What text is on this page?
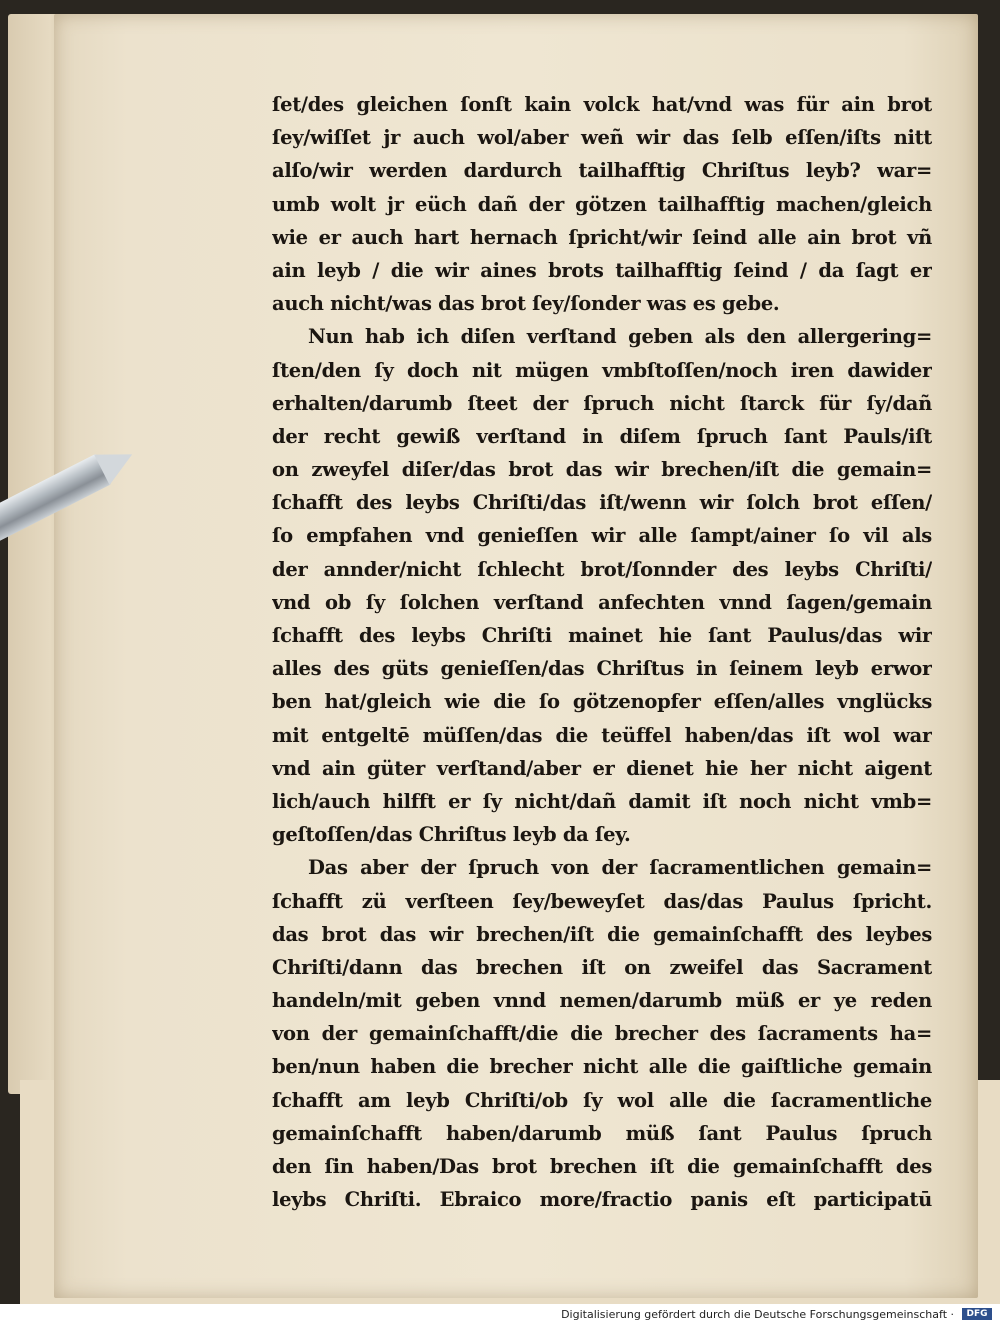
ſet/des gleichen ſonſt kain volck hat/vnd was für ain brot
ſey/wiſſet jr auch wol/aber weñ wir das ſelb eſſen/iſts nitt
alſo/wir werden dardurch tailhafftig Chriſtus leyb? war=
umb wolt jr eüch dañ der götzen tailhafftig machen/gleich
wie er auch hart hernach ſpricht/wir ſeind alle ain brot vñ
ain leyb / die wir aines brots tailhafftig ſeind / da ſagt er
auch nicht/was das brot ſey/ſonder was es gebe.
Nun hab ich diſen verſtand geben als den allergering=
ſten/den ſy doch nit mügen vmbſtoſſen/noch iren dawider
erhalten/darumb ſteet der ſpruch nicht ſtarck für ſy/dañ
der recht gewiß verſtand in diſem ſpruch ſant Pauls/iſt
on zweyfel diſer/das brot das wir brechen/iſt die gemain=
ſchafft des leybs Chriſti/das iſt/wenn wir ſolch brot eſſen/
ſo empfahen vnd genieſſen wir alle ſampt/ainer ſo vil als
der annder/nicht ſchlecht brot/ſonnder des leybs Chriſti/
vnd ob ſy ſolchen verſtand anfechten vnnd ſagen/gemain
ſchafft des leybs Chriſti mainet hie ſant Paulus/das wir
alles des güts genieſſen/das Chriſtus in ſeinem leyb erwor
ben hat/gleich wie die ſo götzenopfer eſſen/alles vnglücks
mit entgeltē müſſen/das die teüffel haben/das iſt wol war
vnd ain güter verſtand/aber er dienet hie her nicht aigent
lich/auch hilfft er ſy nicht/dañ damit iſt noch nicht vmb=
geſtoſſen/das Chriſtus leyb da ſey.
Das aber der ſpruch von der ſacramentlichen gemain=
ſchafft zü verſteen ſey/beweyſet das/das Paulus ſpricht.
das brot das wir brechen/iſt die gemainſchafft des leybes
Chriſti/dann das brechen iſt on zweifel das Sacrament
handeln/mit geben vnnd nemen/darumb müß er ye reden
von der gemainſchafft/die die brecher des ſacraments ha=
ben/nun haben die brecher nicht alle die gaiſtliche gemain
ſchafft am leyb Chriſti/ob ſy wol alle die ſacramentliche
gemainſchafft haben/darumb müß ſant Paulus ſpruch
den ſin haben/Das brot brechen iſt die gemainſchafft des
leybs Chriſti. Ebraico more/fractio panis eſt participatū
Digitalisierung gefördert durch die Deutsche Forschungsgemeinschaft ·	DFG
